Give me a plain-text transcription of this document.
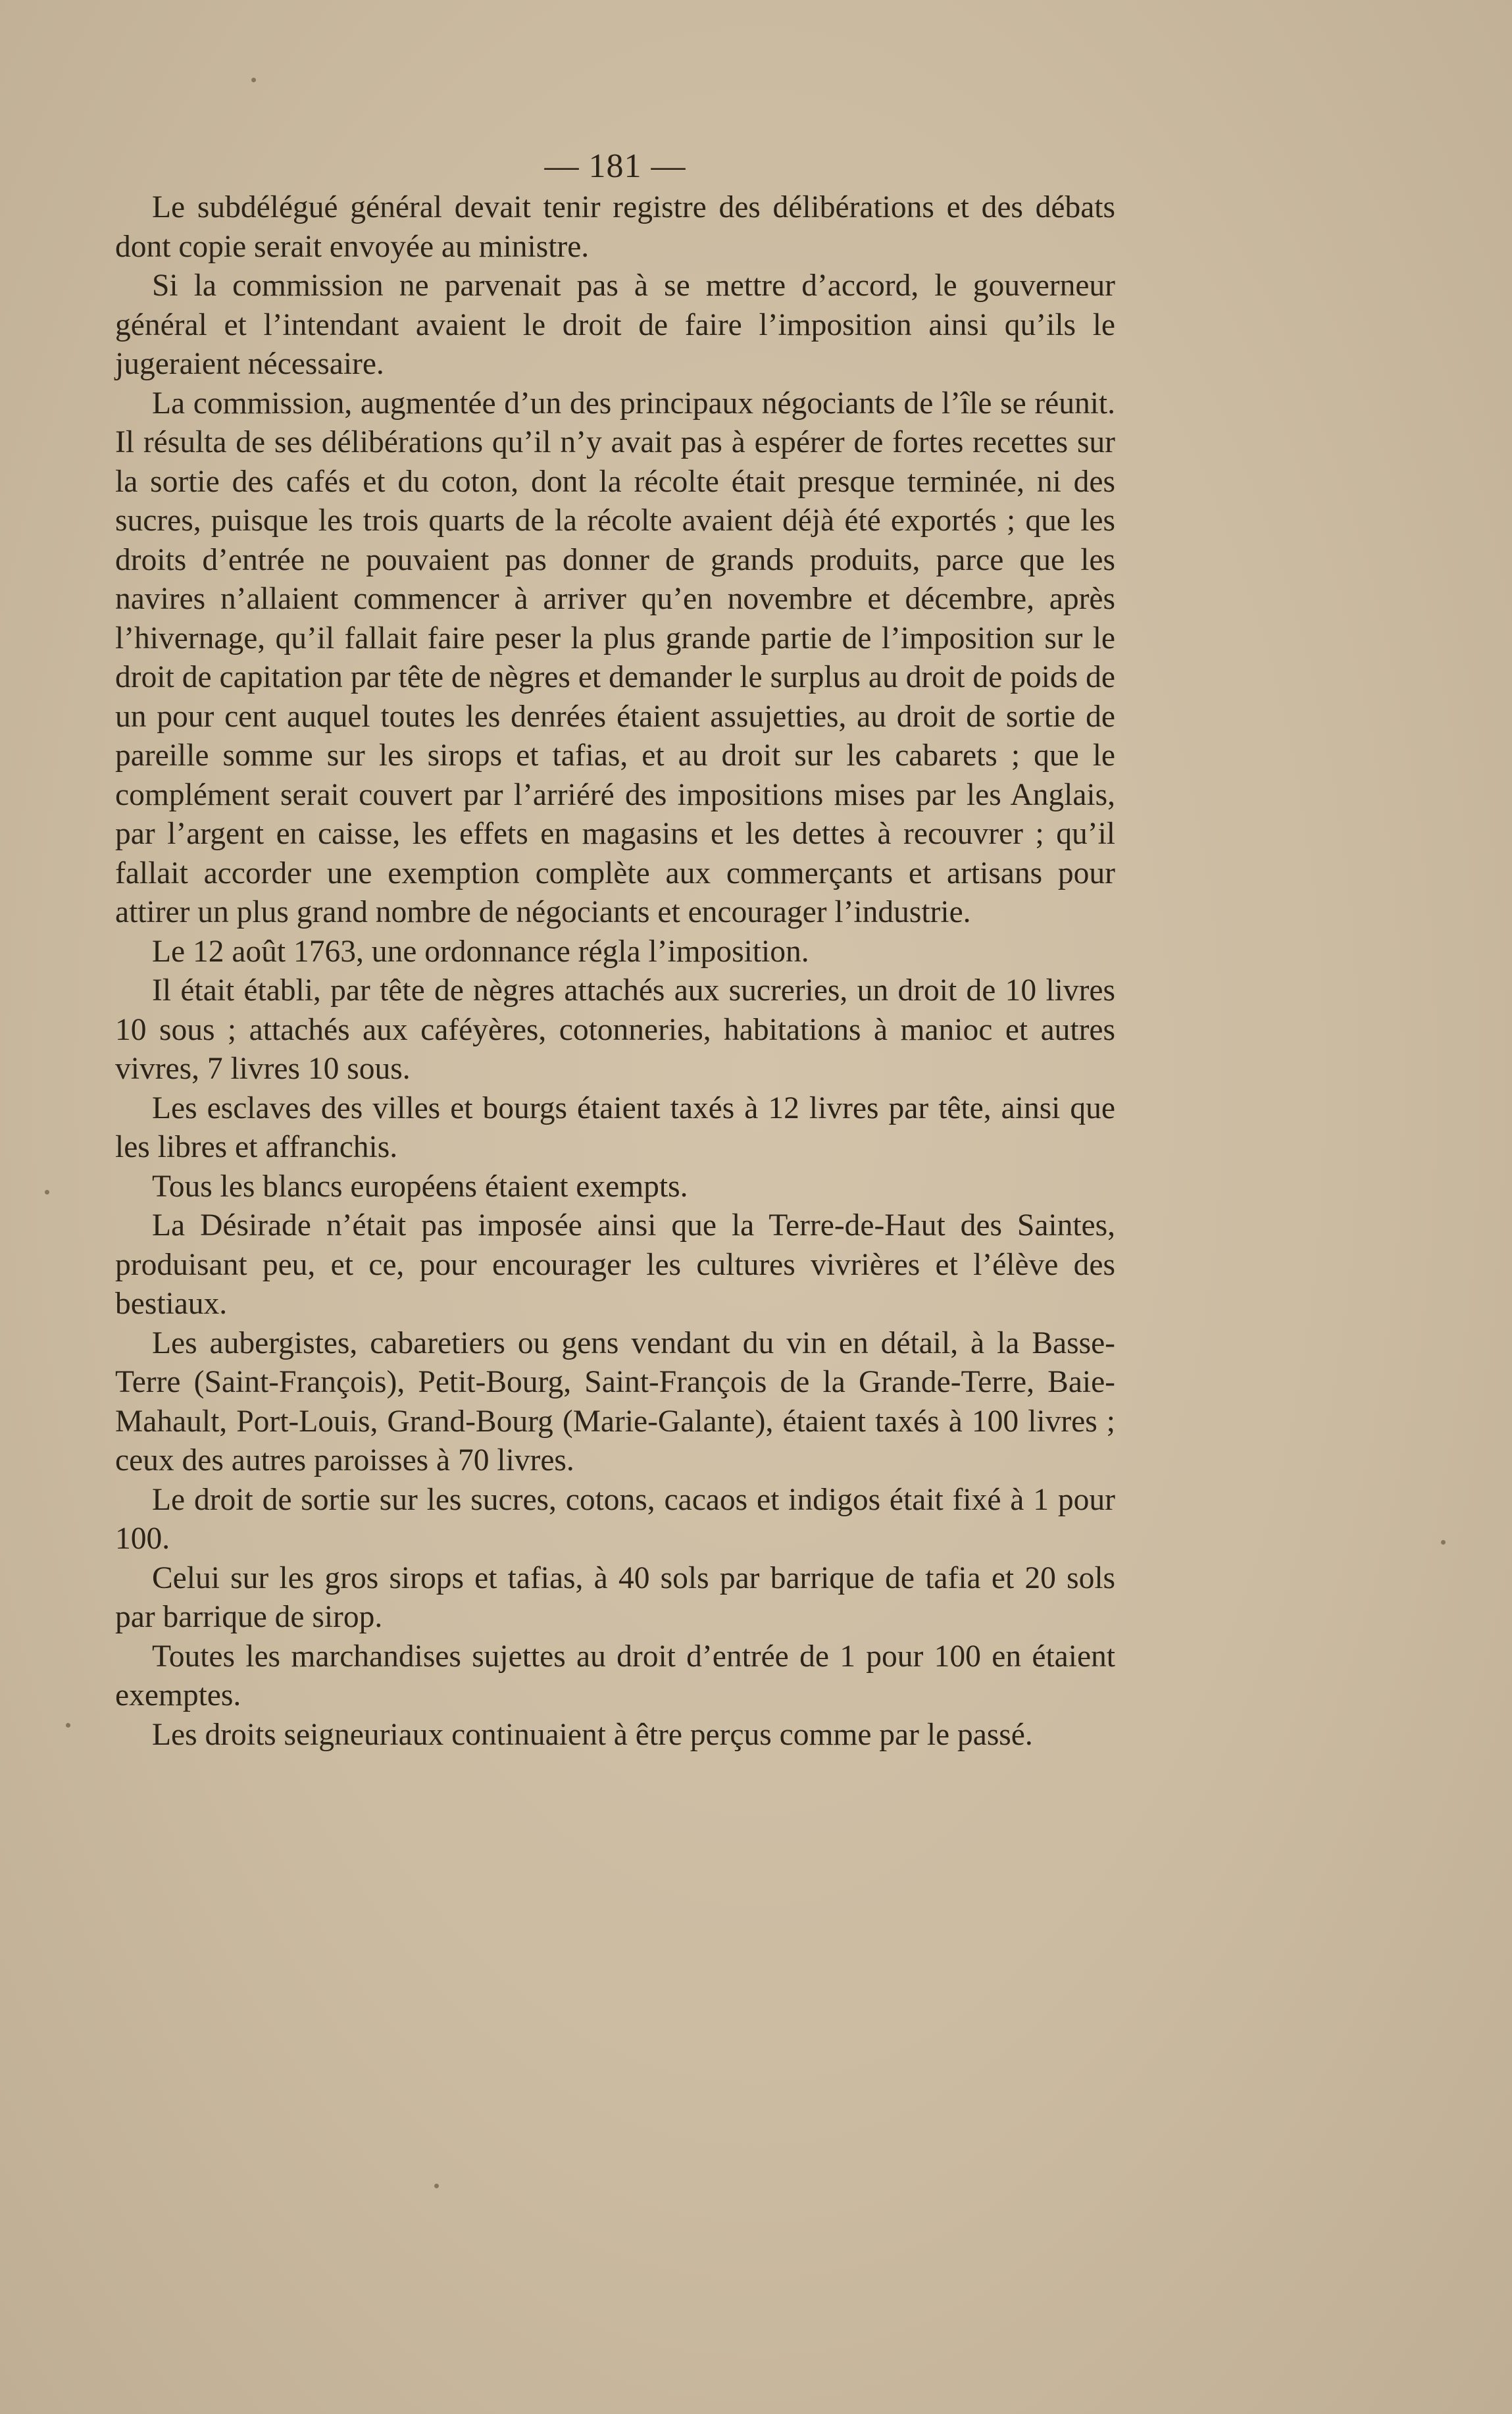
— 181 —

Le subdélégué général devait tenir registre des délibérations et des débats dont copie serait envoyée au ministre.

Si la commission ne parvenait pas à se mettre d’accord, le gouverneur général et l’intendant avaient le droit de faire l’imposition ainsi qu’ils le jugeraient nécessaire.

La commission, augmentée d’un des principaux négociants de l’île se réunit. Il résulta de ses délibérations qu’il n’y avait pas à espérer de fortes recettes sur la sortie des cafés et du coton, dont la récolte était presque terminée, ni des sucres, puisque les trois quarts de la récolte avaient déjà été exportés ; que les droits d’entrée ne pouvaient pas donner de grands produits, parce que les navires n’allaient commencer à arriver qu’en novembre et décembre, après l’hivernage, qu’il fallait faire peser la plus grande partie de l’imposition sur le droit de capitation par tête de nègres et demander le surplus au droit de poids de un pour cent auquel toutes les denrées étaient assujetties, au droit de sortie de pareille somme sur les sirops et tafias, et au droit sur les cabarets ; que le complément serait couvert par l’arriéré des impositions mises par les Anglais, par l’argent en caisse, les effets en magasins et les dettes à recouvrer ; qu’il fallait accorder une exemption complète aux commerçants et artisans pour attirer un plus grand nombre de négociants et encourager l’industrie.

Le 12 août 1763, une ordonnance régla l’imposition.

Il était établi, par tête de nègres attachés aux sucreries, un droit de 10 livres 10 sous ; attachés aux caféyères, cotonneries, habitations à manioc et autres vivres, 7 livres 10 sous.

Les esclaves des villes et bourgs étaient taxés à 12 livres par tête, ainsi que les libres et affranchis.

Tous les blancs européens étaient exempts.

La Désirade n’était pas imposée ainsi que la Terre-de-Haut des Saintes, produisant peu, et ce, pour encourager les cultures vivrières et l’élève des bestiaux.

Les aubergistes, cabaretiers ou gens vendant du vin en détail, à la Basse-Terre (Saint-François), Petit-Bourg, Saint-François de la Grande-Terre, Baie-Mahault, Port-Louis, Grand-Bourg (Marie-Galante), étaient taxés à 100 livres ; ceux des autres paroisses à 70 livres.

Le droit de sortie sur les sucres, cotons, cacaos et indigos était fixé à 1 pour 100.

Celui sur les gros sirops et tafias, à 40 sols par barrique de tafia et 20 sols par barrique de sirop.

Toutes les marchandises sujettes au droit d’entrée de 1 pour 100 en étaient exemptes.

Les droits seigneuriaux continuaient à être perçus comme par le passé.
